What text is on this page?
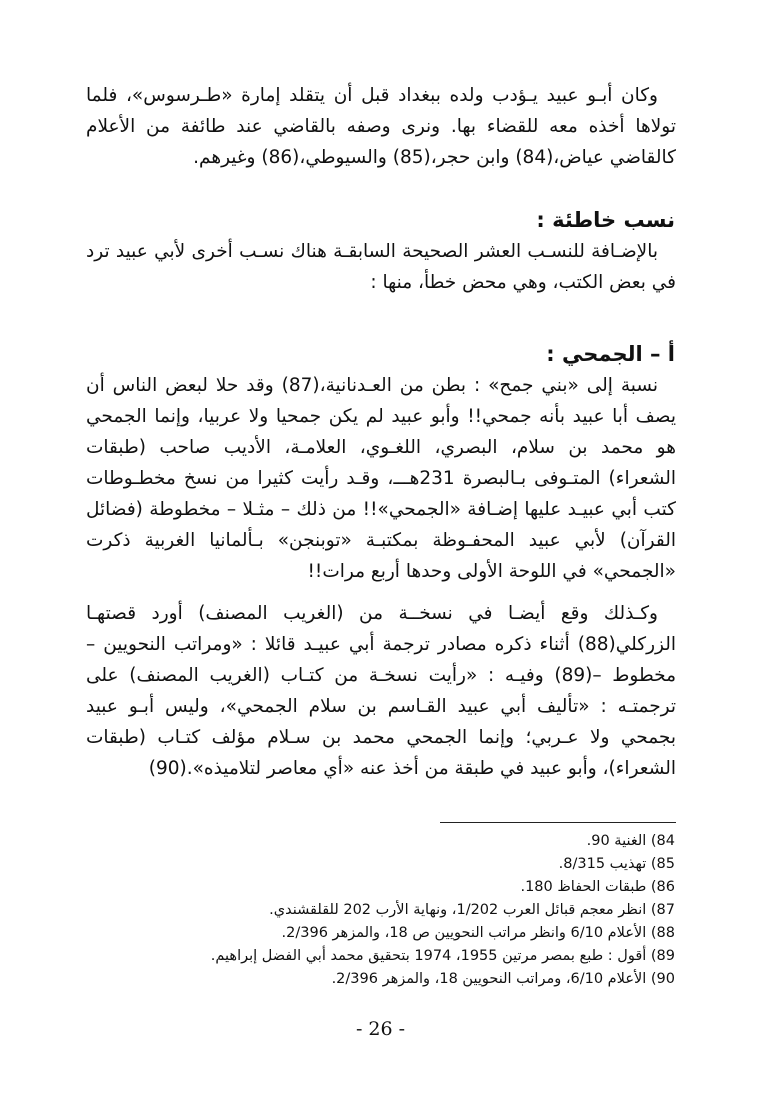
وكان أبـو عبيد يـؤدب ولده ببغداد قبل أن يتقلد إمارة «طـرسوس»، فلما تولاها أخذه معه للقضاء بها. ونرى وصفه بالقاضي عند طائفة من الأعلام كالقاضي عياض،(84) وابن حجر،(85) والسيوطي،(86) وغيرهم.

نسب خاطئة :

بالإضـافة للنسـب العشر الصحيحة السابقـة هناك نسـب أخرى لأبي عبيد ترد في بعض الكتب، وهي محض خطأ، منها :

أ – الجمحي :

نسبة إلى «بني جمح» : بطن من العـدنانية،(87) وقد حلا لبعض الناس أن يصف أبا عبيد بأنه جمحي!! وأبو عبيد لم يكن جمحيا ولا عربيا، وإنما الجمحي هو محمد بن سلام، البصري، اللغـوي، العلامـة، الأديب صاحب (طبقات الشعراء) المتـوفى بـالبصرة 231هـــ، وقـد رأيت كثيرا من نسخ مخطـوطات كتب أبي عبيـد عليها إضـافة «الجمحي»!! من ذلك – مثـلا – مخطوطة (فضائل القرآن) لأبي عبيد المحفـوظة بمكتبـة «توبنجن» بـألمانيا الغربية ذكرت «الجمحي» في اللوحة الأولى وحدها أربع مرات!!

وكـذلك وقع أيضـا في نسخــة من (الغريب المصنف) أورد قصتهـا الزركلي(88) أثناء ذكره مصادر ترجمة أبي عبيـد قائلا : «ومراتب النحويين – مخطوط –(89) وفيـه : «رأيت نسخـة من كتـاب (الغريب المصنف) على ترجمتـه : «تأليف أبي عبيد القـاسم بن سلام الجمحي»، وليس أبـو عبيد بجمحي ولا عـربي؛ وإنما الجمحي محمد بن سـلام مؤلف كتـاب (طبقات الشعراء)، وأبو عبيد في طبقة من أخذ عنه «أي معاصر لتلاميذه».(90)

84) الغنية 90.
85) تهذيب 8/315.
86) طبقات الحفاظ 180.
87) انظر معجم قبائل العرب 1/202، ونهاية الأرب 202 للقلقشندي.
88) الأعلام 6/10 وانظر مراتب النحويين ص 18، والمزهر 2/396.
89) أقول : طبع بمصر مرتين 1955، 1974 بتحقيق محمد أبي الفضل إبراهيم.
90) الأعلام 6/10، ومراتب النحويين 18، والمزهر 2/396.
- 26 -
